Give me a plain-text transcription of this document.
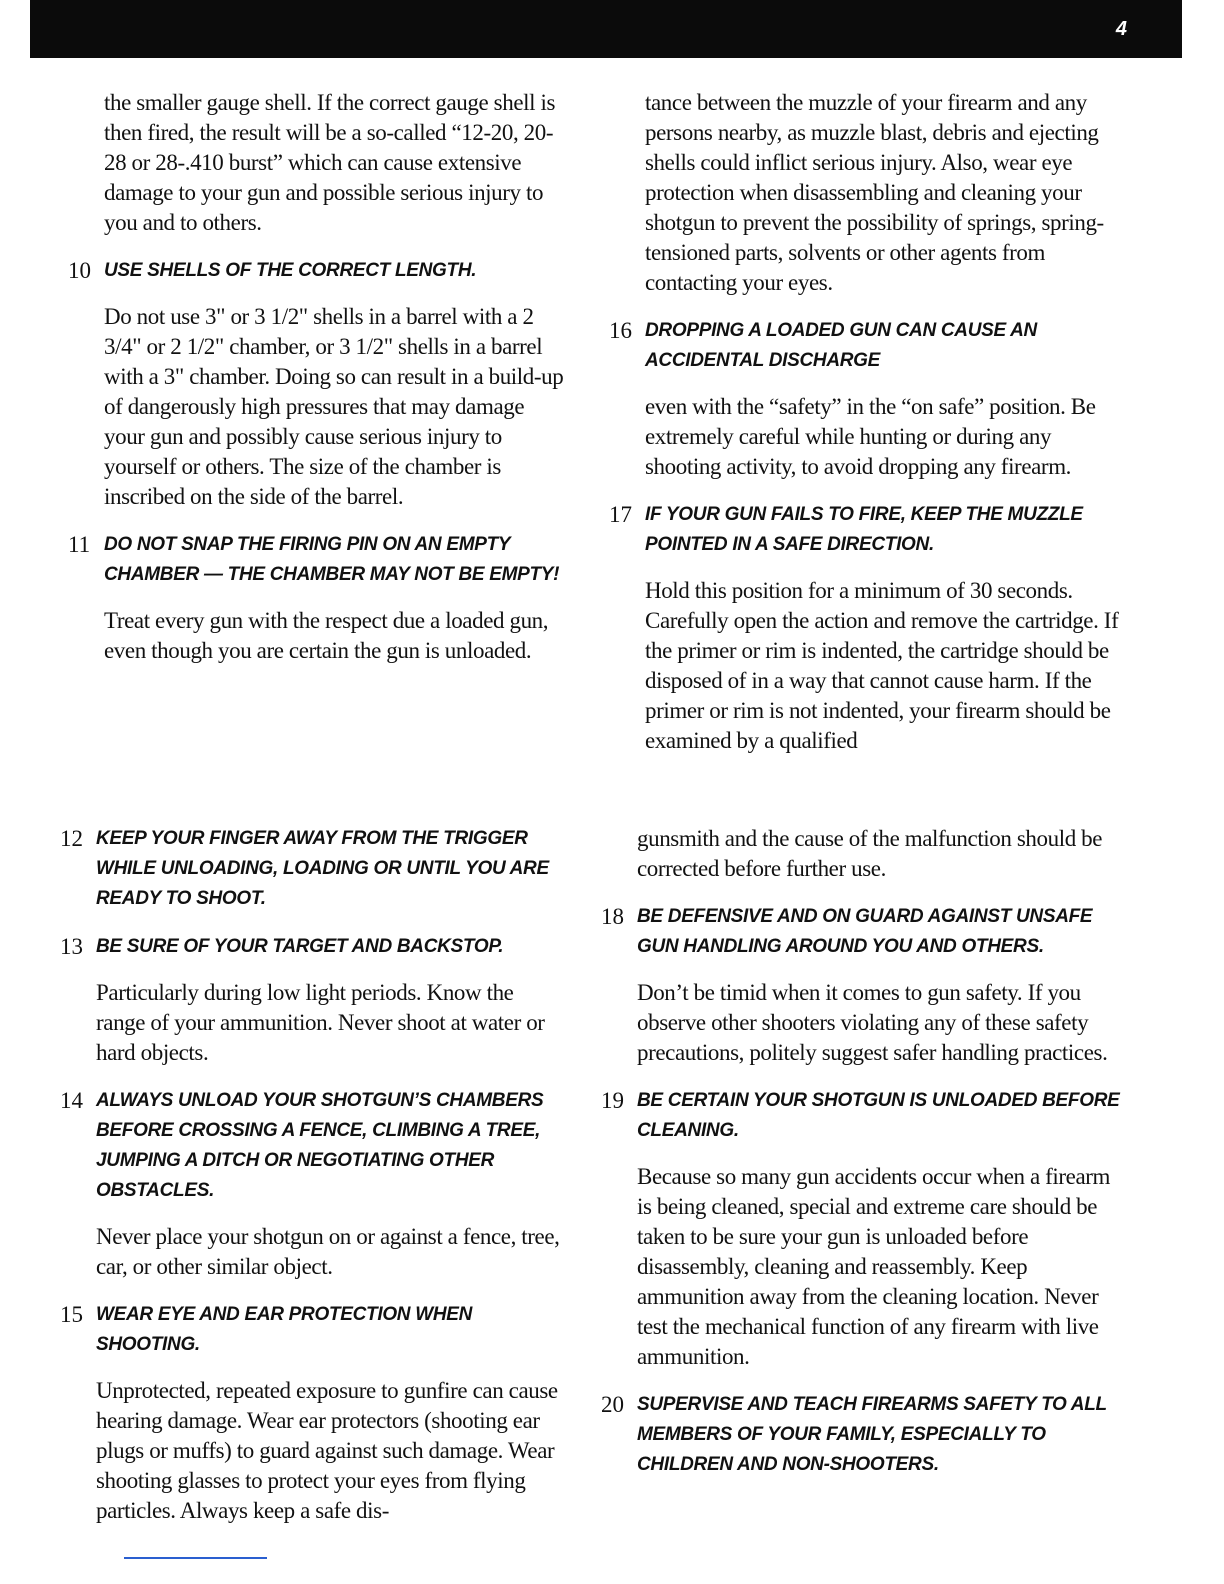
4

the smaller gauge shell. If the correct gauge shell is then fired, the result will be a so-called “12-20, 20-28 or 28-.410 burst” which can cause extensive damage to your gun and possible serious injury to you and to others.

10 USE SHELLS OF THE CORRECT LENGTH.

Do not use 3" or 3 1/2" shells in a barrel with a 2 3/4" or 2 1/2" chamber, or 3 1/2" shells in a barrel with a 3" chamber. Doing so can result in a build-up of dangerously high pressures that may damage your gun and possibly cause serious injury to yourself or others. The size of the chamber is inscribed on the side of the barrel.

11 DO NOT SNAP THE FIRING PIN ON AN EMPTY CHAMBER — THE CHAMBER MAY NOT BE EMPTY!

Treat every gun with the respect due a loaded gun, even though you are certain the gun is unloaded.

tance between the muzzle of your firearm and any persons nearby, as muzzle blast, debris and ejecting shells could inflict serious injury. Also, wear eye protection when disassembling and cleaning your shotgun to prevent the possibility of springs, spring-tensioned parts, solvents or other agents from contacting your eyes.

16 DROPPING A LOADED GUN CAN CAUSE AN ACCIDENTAL DISCHARGE

even with the “safety” in the “on safe” position. Be extremely careful while hunting or during any shooting activity, to avoid dropping any firearm.

17 IF YOUR GUN FAILS TO FIRE, KEEP THE MUZZLE POINTED IN A SAFE DIRECTION.

Hold this position for a minimum of 30 seconds. Carefully open the action and remove the cartridge. If the primer or rim is indented, the cartridge should be disposed of in a way that cannot cause harm. If the primer or rim is not indented, your firearm should be examined by a qualified

12 KEEP YOUR FINGER AWAY FROM THE TRIGGER WHILE UNLOADING, LOADING OR UNTIL YOU ARE READY TO SHOOT.

13 BE SURE OF YOUR TARGET AND BACKSTOP.

Particularly during low light periods. Know the range of your ammunition. Never shoot at water or hard objects.

14 ALWAYS UNLOAD YOUR SHOTGUN’S CHAMBERS BEFORE CROSSING A FENCE, CLIMBING A TREE, JUMPING A DITCH OR NEGOTIATING OTHER OBSTACLES.

Never place your shotgun on or against a fence, tree, car, or other similar object.

15 WEAR EYE AND EAR PROTECTION WHEN SHOOTING.

Unprotected, repeated exposure to gunfire can cause hearing damage. Wear ear protectors (shooting ear plugs or muffs) to guard against such damage. Wear shooting glasses to protect your eyes from flying particles. Always keep a safe dis-

gunsmith and the cause of the malfunction should be corrected before further use.

18 BE DEFENSIVE AND ON GUARD AGAINST UNSAFE GUN HANDLING AROUND YOU AND OTHERS.

Don’t be timid when it comes to gun safety. If you observe other shooters violating any of these safety precautions, politely suggest safer handling practices.

19 BE CERTAIN YOUR SHOTGUN IS UNLOADED BEFORE CLEANING.

Because so many gun accidents occur when a firearm is being cleaned, special and extreme care should be taken to be sure your gun is unloaded before disassembly, cleaning and reassembly. Keep ammunition away from the cleaning location. Never test the mechanical function of any firearm with live ammunition.

20 SUPERVISE AND TEACH FIREARMS SAFETY TO ALL MEMBERS OF YOUR FAMILY, ESPECIALLY TO CHILDREN AND NON-SHOOTERS.
